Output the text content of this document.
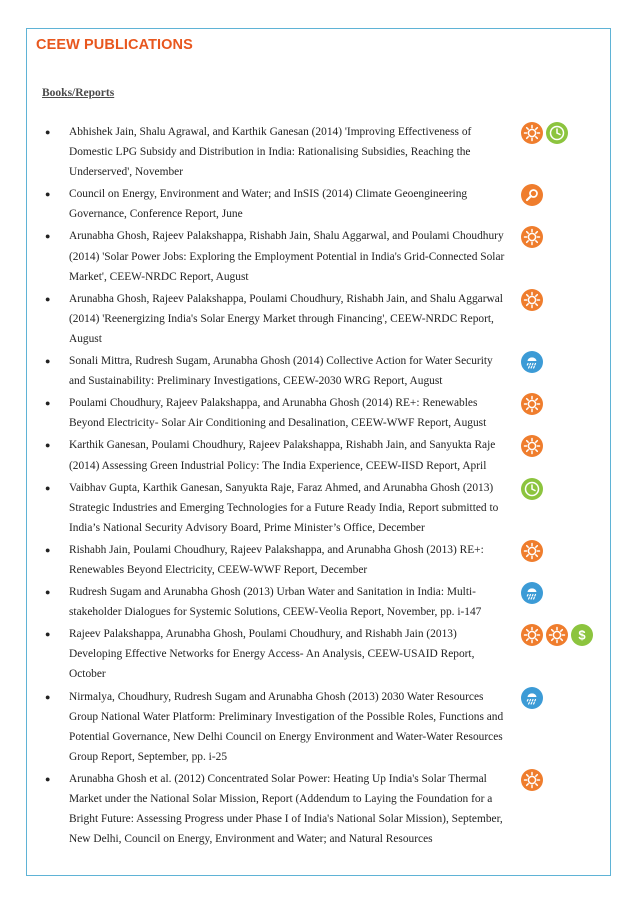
CEEW PUBLICATIONS
Books/Reports
● Abhishek Jain, Shalu Agrawal, and Karthik Ganesan (2014) 'Improving Effectiveness of Domestic LPG Subsidy and Distribution in India: Rationalising Subsidies, Reaching the Underserved', November
● Council on Energy, Environment and Water; and InSIS (2014) Climate Geoengineering Governance, Conference Report, June
● Arunabha Ghosh, Rajeev Palakshappa, Rishabh Jain, Shalu Aggarwal, and Poulami Choudhury (2014) 'Solar Power Jobs: Exploring the Employment Potential in India's Grid-Connected Solar Market', CEEW-NRDC Report, August
● Arunabha Ghosh, Rajeev Palakshappa, Poulami Choudhury, Rishabh Jain, and Shalu Aggarwal (2014) 'Reenergizing India's Solar Energy Market through Financing', CEEW-NRDC Report, August
● Sonali Mittra, Rudresh Sugam, Arunabha Ghosh (2014) Collective Action for Water Security and Sustainability: Preliminary Investigations, CEEW-2030 WRG Report, August
● Poulami Choudhury, Rajeev Palakshappa, and Arunabha Ghosh (2014) RE+: Renewables Beyond Electricity- Solar Air Conditioning and Desalination, CEEW-WWF Report, August
● Karthik Ganesan, Poulami Choudhury, Rajeev Palakshappa, Rishabh Jain, and Sanyukta Raje (2014) Assessing Green Industrial Policy: The India Experience, CEEW-IISD Report, April
● Vaibhav Gupta, Karthik Ganesan, Sanyukta Raje, Faraz Ahmed, and Arunabha Ghosh (2013) Strategic Industries and Emerging Technologies for a Future Ready India, Report submitted to India’s National Security Advisory Board, Prime Minister’s Office, December
● Rishabh Jain, Poulami Choudhury, Rajeev Palakshappa, and Arunabha Ghosh (2013) RE+: Renewables Beyond Electricity, CEEW-WWF Report, December
● Rudresh Sugam and Arunabha Ghosh (2013) Urban Water and Sanitation in India: Multi-stakeholder Dialogues for Systemic Solutions, CEEW-Veolia Report, November, pp. i-147
● Rajeev Palakshappa, Arunabha Ghosh, Poulami Choudhury, and Rishabh Jain (2013) Developing Effective Networks for Energy Access- An Analysis, CEEW-USAID Report, October
● Nirmalya, Choudhury, Rudresh Sugam and Arunabha Ghosh (2013) 2030 Water Resources Group National Water Platform: Preliminary Investigation of the Possible Roles, Functions and Potential Governance, New Delhi Council on Energy Environment and Water-Water Resources Group Report, September, pp. i-25
● Arunabha Ghosh et al. (2012) Concentrated Solar Power: Heating Up India's Solar Thermal Market under the National Solar Mission, Report (Addendum to Laying the Foundation for a Bright Future: Assessing Progress under Phase I of India's National Solar Mission), September, New Delhi, Council on Energy, Environment and Water; and Natural Resources
$
